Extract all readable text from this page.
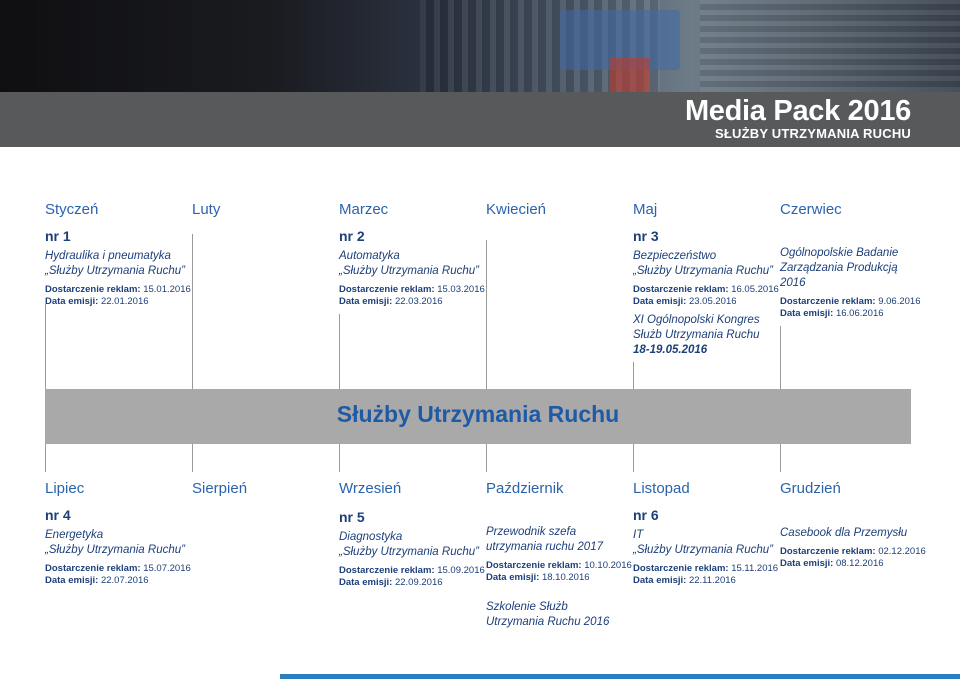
Media Pack 2016
SŁUŻBY UTRZYMANIA RUCHU
Styczeń	Luty	Marzec	Kwiecień	Maj	Czerwiec
nr 1
Hydraulika i pneumatyka
„Służby Utrzymania Ruchu”
Dostarczenie reklam: 15.01.2016
Data emisji: 22.01.2016
nr 2
Automatyka
„Służby Utrzymania Ruchu”
Dostarczenie reklam: 15.03.2016
Data emisji: 22.03.2016
nr 3
Bezpieczeństwo
„Służby Utrzymania Ruchu”
Dostarczenie reklam: 16.05.2016
Data emisji: 23.05.2016
XI Ogólnopolski Kongres
Służb Utrzymania Ruchu
18-19.05.2016
Ogólnopolskie Badanie
Zarządzania Produkcją
2016
Dostarczenie reklam: 9.06.2016
Data emisji: 16.06.2016
Służby Utrzymania Ruchu
Lipiec	Sierpień	Wrzesień	Październik	Listopad	Grudzień
nr 4
Energetyka
„Służby Utrzymania Ruchu”
Dostarczenie reklam: 15.07.2016
Data emisji: 22.07.2016
nr 5
Diagnostyka
„Służby Utrzymania Ruchu”
Dostarczenie reklam: 15.09.2016
Data emisji: 22.09.2016
Przewodnik szefa
utrzymania ruchu 2017
Dostarczenie reklam: 10.10.2016
Data emisji: 18.10.2016
Szkolenie Służb
Utrzymania Ruchu 2016
nr 6
IT
„Służby Utrzymania Ruchu”
Dostarczenie reklam: 15.11.2016
Data emisji: 22.11.2016
Casebook dla Przemysłu
Dostarczenie reklam: 02.12.2016
Data emisji: 08.12.2016
